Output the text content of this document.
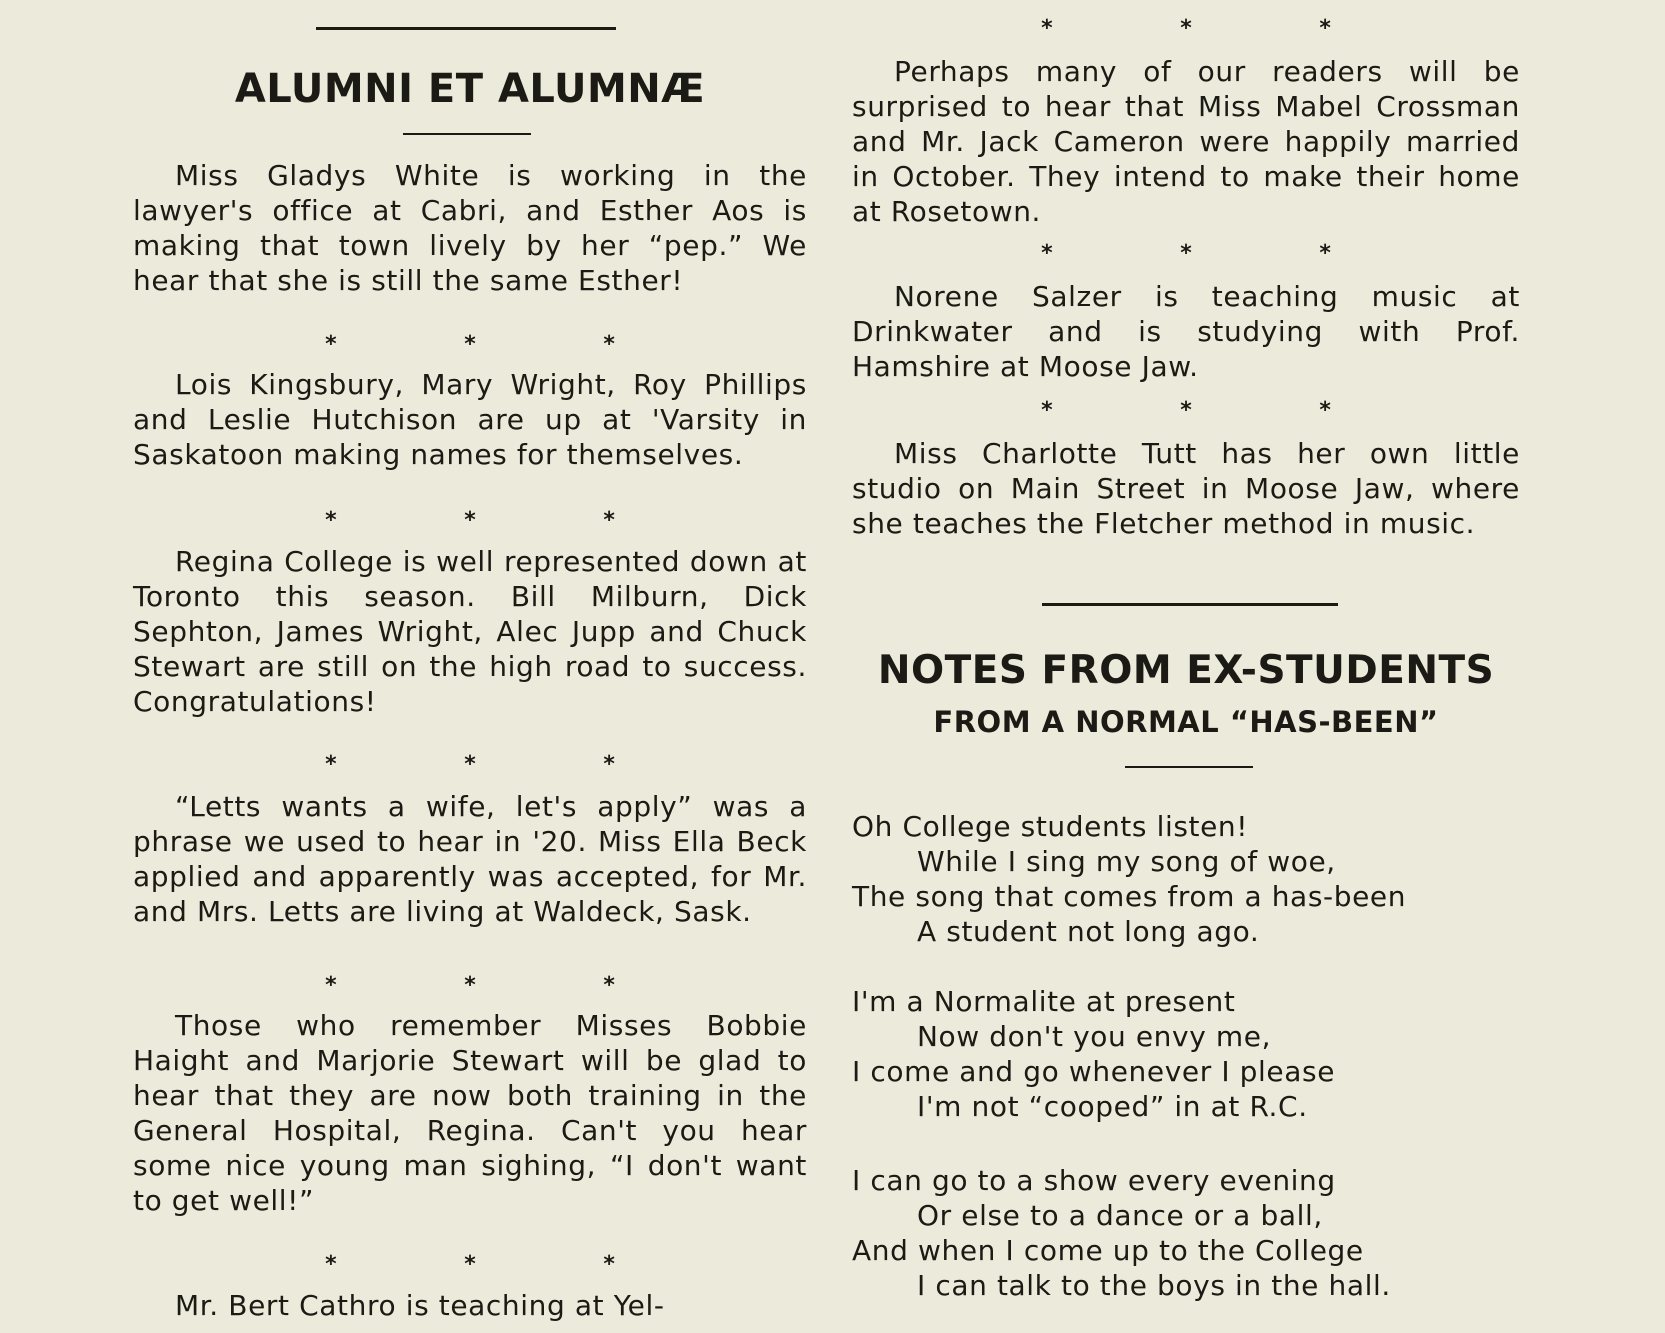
ALUMNI ET ALUMNÆ
Miss Gladys White is working in the lawyer's office at Cabri, and Esther Aos is making that town lively by her “pep.” We hear that she is still the same Esther!
* * *
Lois Kingsbury, Mary Wright, Roy Phillips and Leslie Hutchison are up at 'Varsity in Saskatoon making names for themselves.
* * *
Regina College is well represented down at Toronto this season. Bill Milburn, Dick Sephton, James Wright, Alec Jupp and Chuck Stewart are still on the high road to success. Congratulations!
* * *
“Letts wants a wife, let's apply” was a phrase we used to hear in '20. Miss Ella Beck applied and apparently was accepted, for Mr. and Mrs. Letts are living at Waldeck, Sask.
* * *
Those who remember Misses Bobbie Haight and Marjorie Stewart will be glad to hear that they are now both training in the General Hospital, Regina. Can't you hear some nice young man sighing, “I don't want to get well!”
* * *
Mr. Bert Cathro is teaching at Yel-
* * *
Perhaps many of our readers will be surprised to hear that Miss Mabel Crossman and Mr. Jack Cameron were happily married in October. They intend to make their home at Rosetown.
* * *
Norene Salzer is teaching music at Drinkwater and is studying with Prof. Hamshire at Moose Jaw.
* * *
Miss Charlotte Tutt has her own little studio on Main Street in Moose Jaw, where she teaches the Fletcher method in music.
NOTES FROM EX-STUDENTS
FROM A NORMAL “HAS-BEEN”
Oh College students listen!
While I sing my song of woe,
The song that comes from a has-been
A student not long ago.
I'm a Normalite at present
Now don't you envy me,
I come and go whenever I please
I'm not “cooped” in at R.C.
I can go to a show every evening
Or else to a dance or a ball,
And when I come up to the College
I can talk to the boys in the hall.
